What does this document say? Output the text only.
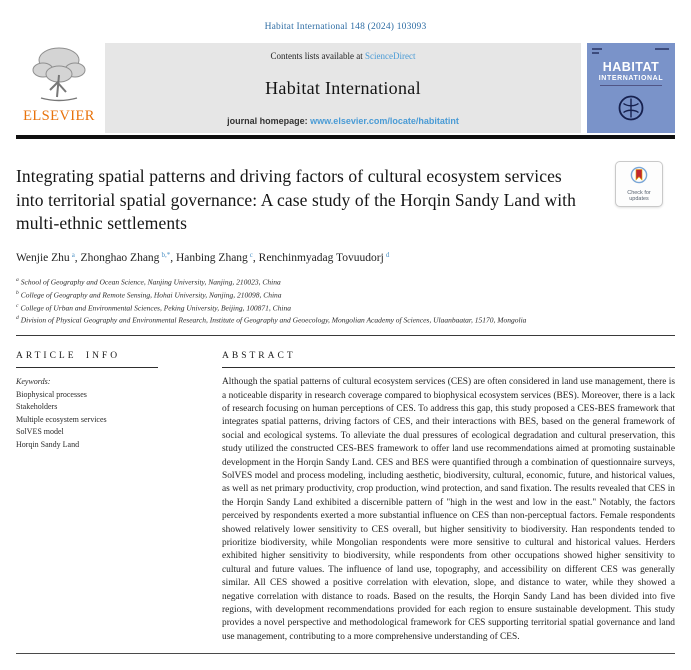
Habitat International 148 (2024) 103093
ELSEVIER
Contents lists available at ScienceDirect
Habitat International
journal homepage: www.elsevier.com/locate/habitatint
HABITAT
INTERNATIONAL
Integrating spatial patterns and driving factors of cultural ecosystem services into territorial spatial governance: A case study of the Horqin Sandy Land with multi-ethnic settlements
Check for updates
Wenjie Zhu $^a$, Zhonghao Zhang $^{b,*}$, Hanbing Zhang $^c$, Renchinmyadag Tovuudorj $^d$
$^a$ School of Geography and Ocean Science, Nanjing University, Nanjing, 210023, China
$^b$ College of Geography and Remote Sensing, Hohai University, Nanjing, 210098, China
$^c$ College of Urban and Environmental Sciences, Peking University, Beijing, 100871, China
$^d$ Division of Physical Geography and Environmental Research, Institute of Geography and Geoecology, Mongolian Academy of Sciences, Ulaanbaatar, 15170, Mongolia
ARTICLE INFO
Keywords:
Biophysical processes
Stakeholders
Multiple ecosystem services
SolVES model
Horqin Sandy Land
ABSTRACT

Although the spatial patterns of cultural ecosystem services (CES) are often considered in land use management, there is a noticeable disparity in research coverage compared to biophysical ecosystem services (BES). Moreover, there is a lack of research focusing on human perceptions of CES. To address this gap, this study proposed a CES-BES framework that integrates spatial patterns, driving factors of CES, and their interactions with BES, based on the general framework of social and ecological systems. To alleviate the dual pressures of ecological degradation and cultural preservation, this study utilized the constructed CES-BES framework to offer land use recommendations aimed at promoting sustainable development in the Horqin Sandy Land. CES and BES were quantified through a combination of questionnaire surveys, SolVES model and process modeling, including aesthetic, biodiversity, cultural, economic, future, and historical values, as well as net primary productivity, crop production, wind protection, and sand fixation. The results revealed that CES in the Horqin Sandy Land exhibited a discernible pattern of "high in the west and low in the east." Notably, the factors perceived by respondents exerted a more substantial influence on CES than non-perceptual factors. Female respondents showed relatively lower sensitivity to CES overall, but higher sensitivity to biodiversity. Han respondents tended to prioritize biodiversity, while Mongolian respondents were more sensitive to cultural and historical values. Herders exhibited higher sensitivity to biodiversity, while respondents from other occupations showed higher sensitivity to cultural and future values. The influence of land use, topography, and accessibility on different CES was generally similar. All CES showed a positive correlation with elevation, slope, and distance to water, while they showed a negative correlation with distance to roads. Based on the results, the Horqin Sandy Land has been divided into five regions, with development recommendations provided for each region to ensure sustainable development. This study provides a novel perspective and methodological framework for CES supporting territorial spatial governance and land use management, contributing to a more comprehensive understanding of CES.
